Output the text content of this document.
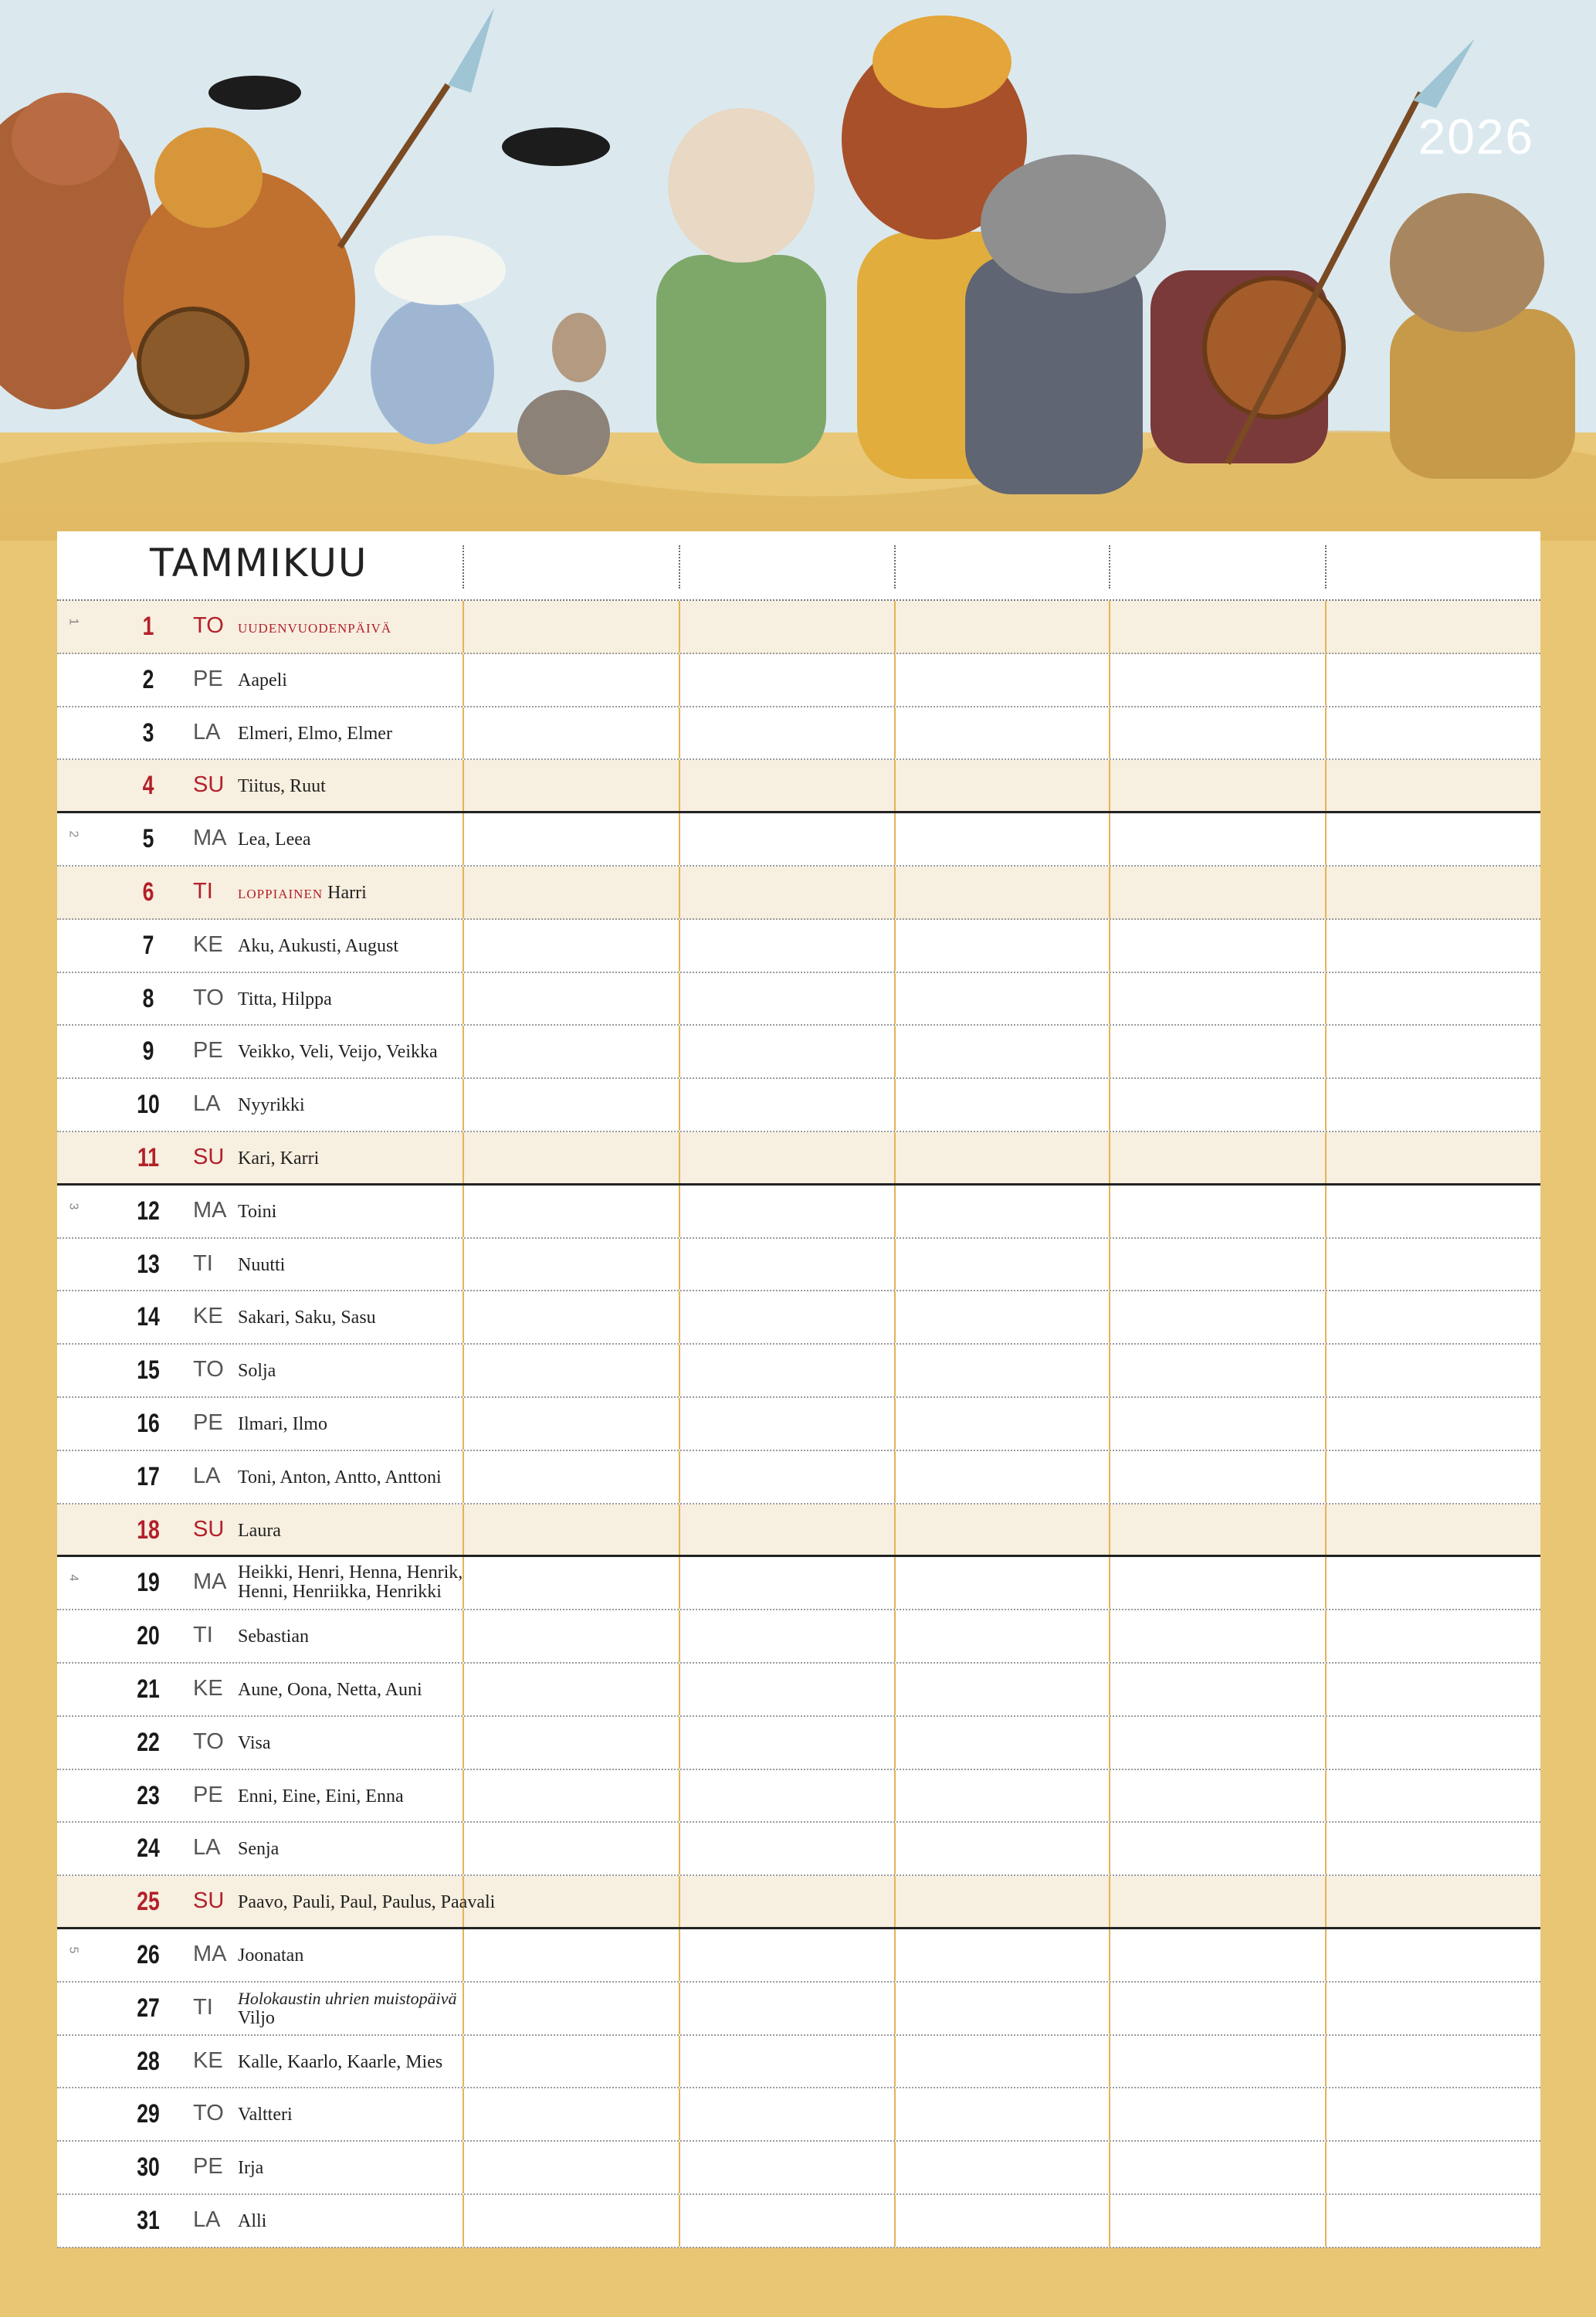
2026
TAMMIKUU
1	1	TO uudenvuodenpäivä
2	PE Aapeli
3	LA Elmeri, Elmo, Elmer
4	SU Tiitus, Ruut
2	5	MA Lea, Leea
6	TI loppiainen Harri
7	KE Aku, Aukusti, August
8	TO Titta, Hilppa
9	PE Veikko, Veli, Veijo, Veikka
10	LA Nyyrikki
11	SU Kari, Karri
3	12	MA Toini
13	TI Nuutti
14	KE Sakari, Saku, Sasu
15	TO Solja
16	PE Ilmari, Ilmo
17	LA Toni, Anton, Antto, Anttoni
18	SU Laura
4	19	MA Heikki, Henri, Henna, Henrik,
Henni, Henriikka, Henrikki
20	TI Sebastian
21	KE Aune, Oona, Netta, Auni
22	TO Visa
23	PE Enni, Eine, Eini, Enna
24	LA Senja
25	SU Paavo, Pauli, Paul, Paulus, Paavali
5	26	MA Joonatan
27	TI Holokaustin uhrien muistopäivä
Viljo
28	KE Kalle, Kaarlo, Kaarle, Mies
29	TO Valtteri
30	PE Irja
31	LA Alli
